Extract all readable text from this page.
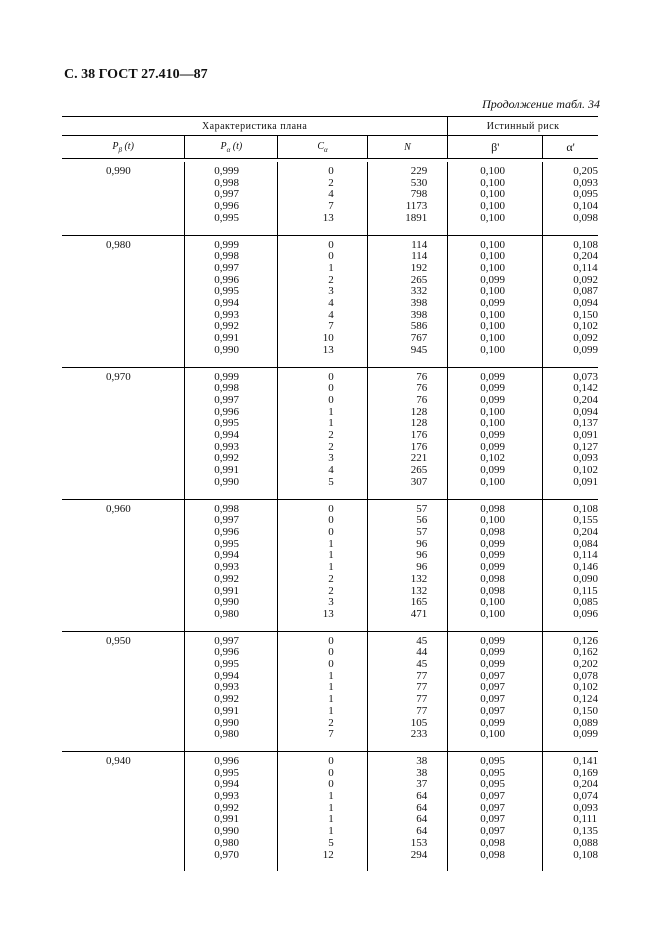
С. 38 ГОСТ 27.410—87
Продолжение табл. 34
Характеристика плана				Истинный риск	
$P_\beta$ (t)	$P_\alpha$ (t)	$C_\alpha$	N	β'	α'

0,990	0,999	0	229	0,100	0,205
	0,998	2	530	0,100	0,093
	0,997	4	798	0,100	0,095
	0,996	7	1173	0,100	0,104
	0,995	13	1891	0,100	0,098
0,980	0,999	0	114	0,100	0,108
	0,998	0	114	0,100	0,204
	0,997	1	192	0,100	0,114
	0,996	2	265	0,099	0,092
	0,995	3	332	0,100	0,087
	0,994	4	398	0,099	0,094
	0,993	4	398	0,100	0,150
	0,992	7	586	0,100	0,102
	0,991	10	767	0,100	0,092
	0,990	13	945	0,100	0,099
0,970	0,999	0	76	0,099	0,073
	0,998	0	76	0,099	0,142
	0,997	0	76	0,099	0,204
	0,996	1	128	0,100	0,094
	0,995	1	128	0,100	0,137
	0,994	2	176	0,099	0,091
	0,993	2	176	0,099	0,127
	0,992	3	221	0,102	0,093
	0,991	4	265	0,099	0,102
	0,990	5	307	0,100	0,091
0,960	0,998	0	57	0,098	0,108
	0,997	0	56	0,100	0,155
	0,996	0	57	0,098	0,204
	0,995	1	96	0,099	0,084
	0,994	1	96	0,099	0,114
	0,993	1	96	0,099	0,146
	0,992	2	132	0,098	0,090
	0,991	2	132	0,098	0,115
	0,990	3	165	0,100	0,085
	0,980	13	471	0,100	0,096
0,950	0,997	0	45	0,099	0,126
	0,996	0	44	0,099	0,162
	0,995	0	45	0,099	0,202
	0,994	1	77	0,097	0,078
	0,993	1	77	0,097	0,102
	0,992	1	77	0,097	0,124
	0,991	1	77	0,097	0,150
	0,990	2	105	0,099	0,089
	0,980	7	233	0,100	0,099
0,940	0,996	0	38	0,095	0,141
	0,995	0	38	0,095	0,169
	0,994	0	37	0,095	0,204
	0,993	1	64	0,097	0,074
	0,992	1	64	0,097	0,093
	0,991	1	64	0,097	0,111
	0,990	1	64	0,097	0,135
	0,980	5	153	0,098	0,088
	0,970	12	294	0,098	0,108
